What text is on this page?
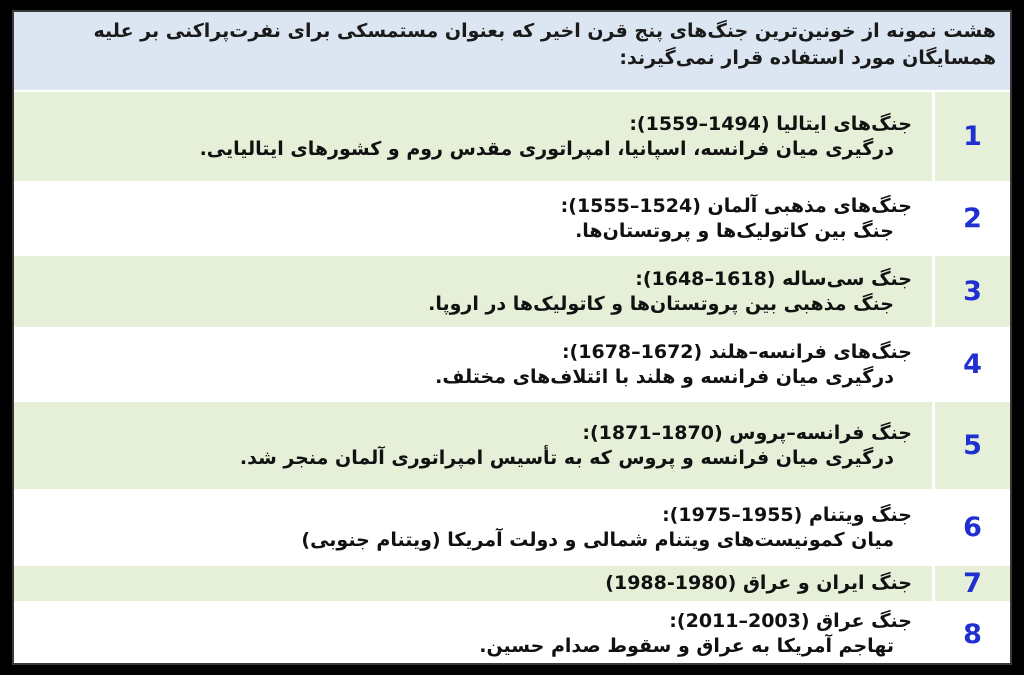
هشت نمونه از خونین‌ترین جنگ‌های پنج قرن اخیر که بعنوان مستمسکی برای نفرت‌پراکنی بر علیه همسایگان مورد استفاده قرار نمی‌گیرند:
1
جنگ‌های ایتالیا (1494–1559):
درگیری میان فرانسه، اسپانیا، امپراتوری مقدس روم و کشورهای ایتالیایی.
2
جنگ‌های مذهبی آلمان (1524–1555):
جنگ بین کاتولیک‌ها و پروتستان‌ها.
3
جنگ سی‌ساله (1618–1648):
جنگ مذهبی بین پروتستان‌ها و کاتولیک‌ها در اروپا.
4
جنگ‌های فرانسه–هلند (1672–1678):
درگیری میان فرانسه و هلند با ائتلاف‌های مختلف.
5
جنگ فرانسه–پروس (1870–1871):
درگیری میان فرانسه و پروس که به تأسیس امپراتوری آلمان منجر شد.
6
جنگ ویتنام (1955–1975):
میان کمونیست‌های ویتنام شمالی و دولت آمریکا (ویتنام جنوبی)
7
جنگ ایران و عراق (1980-1988)
8
جنگ عراق (2003–2011):
تهاجم آمریکا به عراق و سقوط صدام حسین.
